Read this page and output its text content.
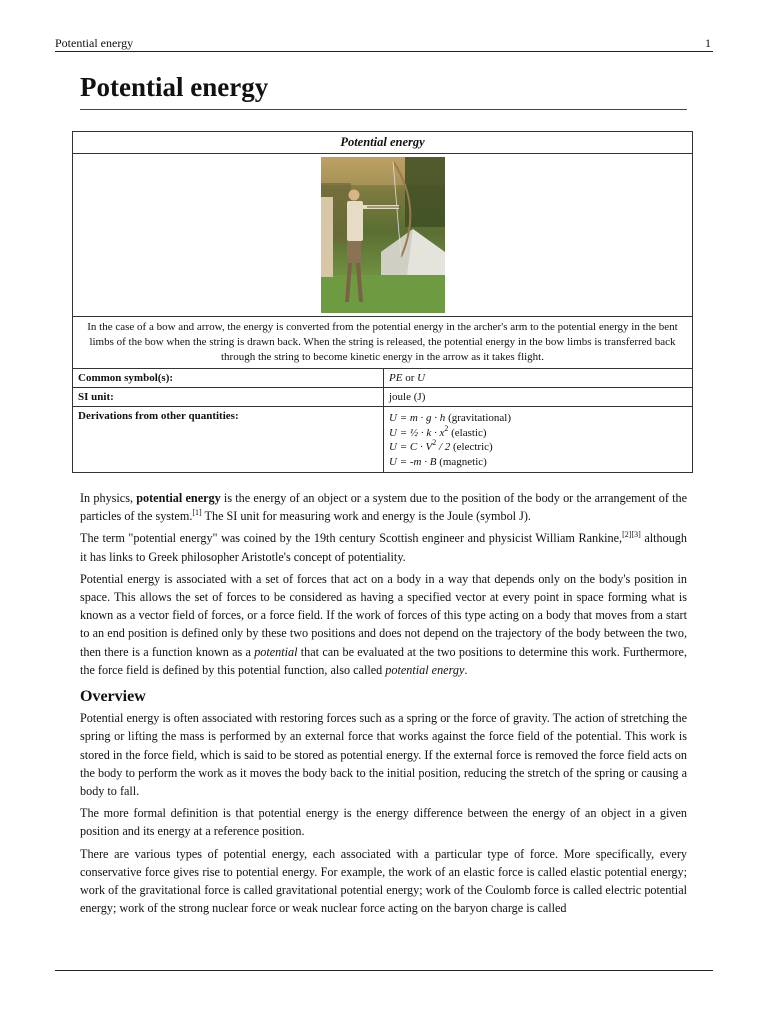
Potential energy	1
Potential energy
Potential energy	

In the case of a bow and arrow, the energy is converted from the potential energy in the archer's arm to the potential energy in the bent limbs of the bow when the string is drawn back. When the string is released, the potential energy in the bow limbs is transferred back through the string to become kinetic energy in the arrow as it takes flight.	
Common symbol(s):	PE or U
SI unit:	joule (J)
Derivations from other quantities:	U = m · g · h (gravitational)
U = ½ · $k \cdot x^2$ (elastic)
$U = C \cdot V^2 / 2$ (electric)
U = -m · B (magnetic)

In physics, potential energy is the energy of an object or a system due to the position of the body or the arrangement of the particles of the system.[1] The SI unit for measuring work and energy is the Joule (symbol J).

The term "potential energy" was coined by the 19th century Scottish engineer and physicist William Rankine,[2][3] although it has links to Greek philosopher Aristotle's concept of potentiality.

Potential energy is associated with a set of forces that act on a body in a way that depends only on the body's position in space. This allows the set of forces to be considered as having a specified vector at every point in space forming what is known as a vector field of forces, or a force field. If the work of forces of this type acting on a body that moves from a start to an end position is defined only by these two positions and does not depend on the trajectory of the body between the two, then there is a function known as a potential that can be evaluated at the two positions to determine this work. Furthermore, the force field is defined by this potential function, also called potential energy.

Overview

Potential energy is often associated with restoring forces such as a spring or the force of gravity. The action of stretching the spring or lifting the mass is performed by an external force that works against the force field of the potential. This work is stored in the force field, which is said to be stored as potential energy. If the external force is removed the force field acts on the body to perform the work as it moves the body back to the initial position, reducing the stretch of the spring or causing a body to fall.

The more formal definition is that potential energy is the energy difference between the energy of an object in a given position and its energy at a reference position.

There are various types of potential energy, each associated with a particular type of force. More specifically, every conservative force gives rise to potential energy. For example, the work of an elastic force is called elastic potential energy; work of the gravitational force is called gravitational potential energy; work of the Coulomb force is called electric potential energy; work of the strong nuclear force or weak nuclear force acting on the baryon charge is called
